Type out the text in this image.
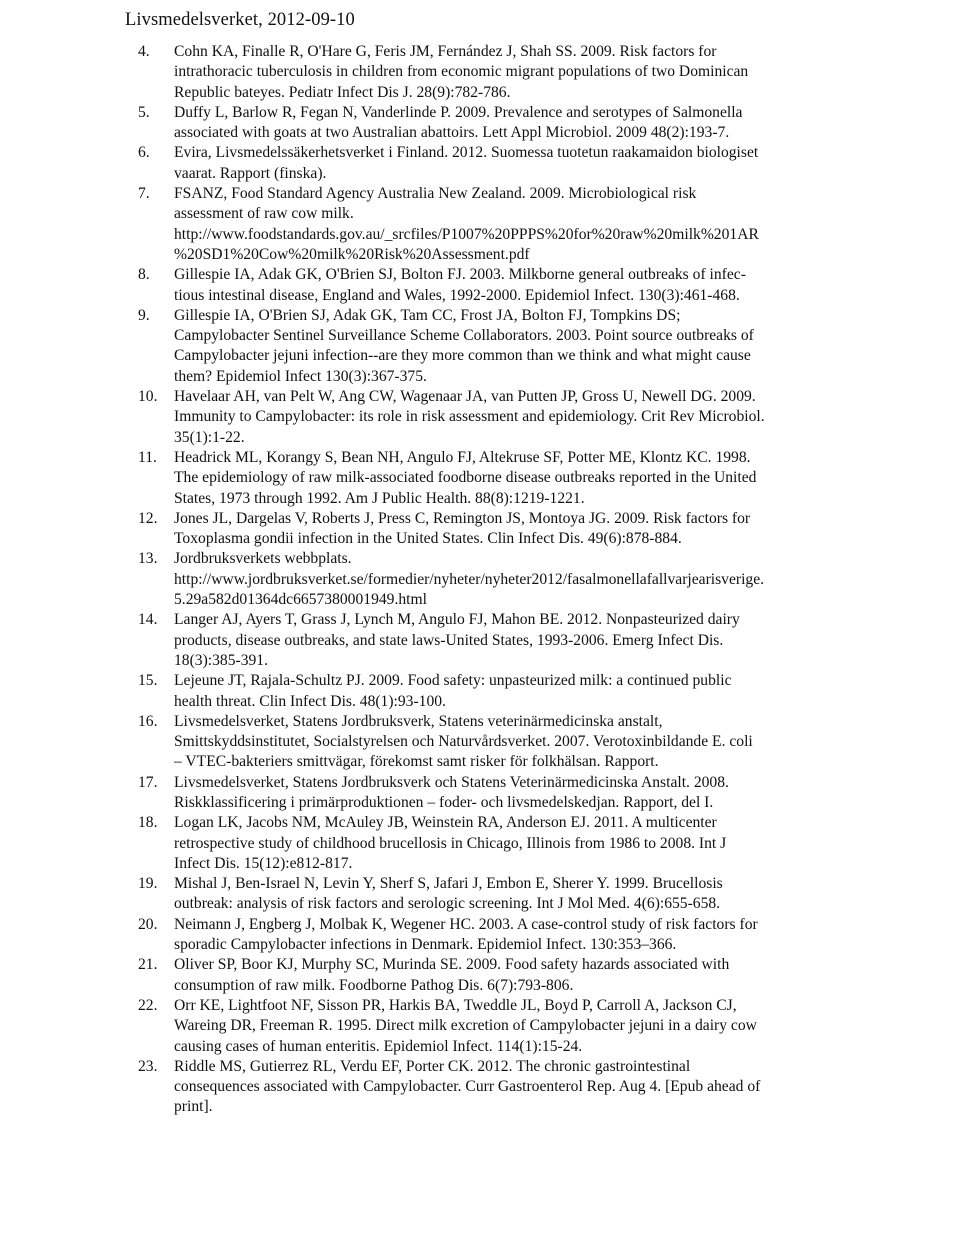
Livsmedelsverket, 2012-09-10
4.	Cohn KA, Finalle R, O'Hare G, Feris JM, Fernández J, Shah SS. 2009. Risk factors for
intrathoracic tuberculosis in children from economic migrant populations of two Dominican
Republic bateyes. Pediatr Infect Dis J. 28(9):782-786.
5.	Duffy L, Barlow R, Fegan N, Vanderlinde P. 2009. Prevalence and serotypes of Salmonella
associated with goats at two Australian abattoirs. Lett Appl Microbiol. 2009 48(2):193-7.
6.	Evira, Livsmedelssäkerhetsverket i Finland. 2012. Suomessa tuotetun raakamaidon biologiset
vaarat. Rapport (finska).
7.	FSANZ, Food Standard Agency Australia New Zealand. 2009. Microbiological risk
assessment of raw cow milk.
http://www.foodstandards.gov.au/_srcfiles/P1007%20PPPS%20for%20raw%20milk%201AR
%20SD1%20Cow%20milk%20Risk%20Assessment.pdf
8.	Gillespie IA, Adak GK, O'Brien SJ, Bolton FJ. 2003. Milkborne general outbreaks of infec-
tious intestinal disease, England and Wales, 1992-2000. Epidemiol Infect. 130(3):461-468.
9.	Gillespie IA, O'Brien SJ, Adak GK, Tam CC, Frost JA, Bolton FJ, Tompkins DS;
Campylobacter Sentinel Surveillance Scheme Collaborators. 2003. Point source outbreaks of
Campylobacter jejuni infection--are they more common than we think and what might cause
them? Epidemiol Infect 130(3):367-375.
10.	Havelaar AH, van Pelt W, Ang CW, Wagenaar JA, van Putten JP, Gross U, Newell DG. 2009.
Immunity to Campylobacter: its role in risk assessment and epidemiology. Crit Rev Microbiol.
35(1):1-22.
11.	Headrick ML, Korangy S, Bean NH, Angulo FJ, Altekruse SF, Potter ME, Klontz KC. 1998.
The epidemiology of raw milk-associated foodborne disease outbreaks reported in the United
States, 1973 through 1992. Am J Public Health. 88(8):1219-1221.
12.	Jones JL, Dargelas V, Roberts J, Press C, Remington JS, Montoya JG. 2009. Risk factors for
Toxoplasma gondii infection in the United States. Clin Infect Dis. 49(6):878-884.
13.	Jordbruksverkets webbplats.
http://www.jordbruksverket.se/formedier/nyheter/nyheter2012/fasalmonellafallvarjearisverige.
5.29a582d01364dc6657380001949.html
14.	Langer AJ, Ayers T, Grass J, Lynch M, Angulo FJ, Mahon BE. 2012. Nonpasteurized dairy
products, disease outbreaks, and state laws-United States, 1993-2006. Emerg Infect Dis.
18(3):385-391.
15.	Lejeune JT, Rajala-Schultz PJ. 2009. Food safety: unpasteurized milk: a continued public
health threat. Clin Infect Dis. 48(1):93-100.
16.	Livsmedelsverket, Statens Jordbruksverk, Statens veterinärmedicinska anstalt,
Smittskyddsinstitutet, Socialstyrelsen och Naturvårdsverket. 2007. Verotoxinbildande E. coli
– VTEC-bakteriers smittvägar, förekomst samt risker för folkhälsan. Rapport.
17.	Livsmedelsverket, Statens Jordbruksverk och Statens Veterinärmedicinska Anstalt. 2008.
Riskklassificering i primärproduktionen – foder- och livsmedelskedjan. Rapport, del I.
18.	Logan LK, Jacobs NM, McAuley JB, Weinstein RA, Anderson EJ. 2011. A multicenter
retrospective study of childhood brucellosis in Chicago, Illinois from 1986 to 2008. Int J
Infect Dis. 15(12):e812-817.
19.	Mishal J, Ben-Israel N, Levin Y, Sherf S, Jafari J, Embon E, Sherer Y. 1999. Brucellosis
outbreak: analysis of risk factors and serologic screening. Int J Mol Med. 4(6):655-658.
20.	Neimann J, Engberg J, Molbak K, Wegener HC. 2003. A case-control study of risk factors for
sporadic Campylobacter infections in Denmark. Epidemiol Infect. 130:353–366.
21.	Oliver SP, Boor KJ, Murphy SC, Murinda SE. 2009. Food safety hazards associated with
consumption of raw milk. Foodborne Pathog Dis. 6(7):793-806.
22.	Orr KE, Lightfoot NF, Sisson PR, Harkis BA, Tweddle JL, Boyd P, Carroll A, Jackson CJ,
Wareing DR, Freeman R. 1995. Direct milk excretion of Campylobacter jejuni in a dairy cow
causing cases of human enteritis. Epidemiol Infect. 114(1):15-24.
23.	Riddle MS, Gutierrez RL, Verdu EF, Porter CK. 2012. The chronic gastrointestinal
consequences associated with Campylobacter. Curr Gastroenterol Rep. Aug 4. [Epub ahead of
print].
